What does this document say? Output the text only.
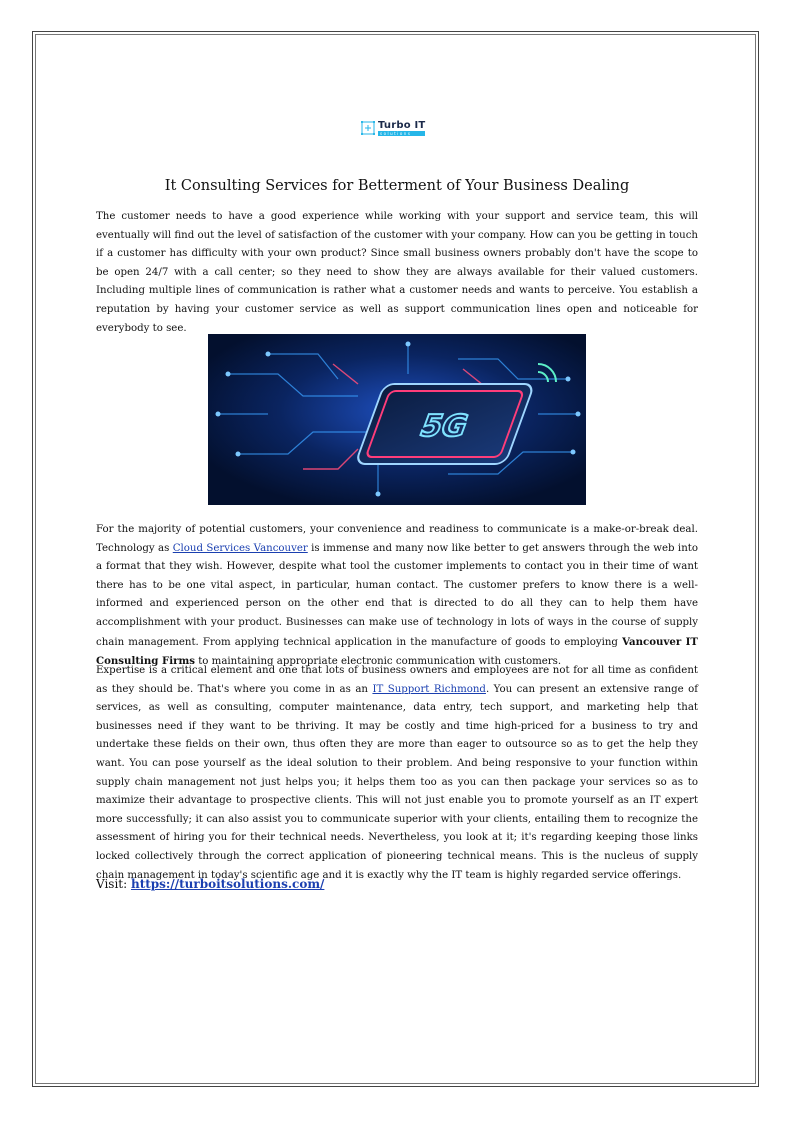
Turbo IT
solutions
It Consulting Services for Betterment of Your Business Dealing

The customer needs to have a good experience while working with your support and service team, this will eventually will find out the level of satisfaction of the customer with your company. How can you be getting in touch if a customer has difficulty with your own product? Since small business owners probably don't have the scope to be open 24/7 with a call center; so they need to show they are always available for their valued customers. Including multiple lines of communication is rather what a customer needs and wants to perceive. You establish a reputation by having your customer service as well as support communication lines open and noticeable for everybody to see.

5G

For the majority of potential customers, your convenience and readiness to communicate is a make-or-break deal. Technology as Cloud Services Vancouver is immense and many now like better to get answers through the web into a format that they wish. However, despite what tool the customer implements to contact you in their time of want there has to be one vital aspect, in particular, human contact. The customer prefers to know there is a well-informed and experienced person on the other end that is directed to do all they can to help them have accomplishment with your product. Businesses can make use of technology in lots of ways in the course of supply chain management. From applying technical application in the manufacture of goods to employing Vancouver IT Consulting Firms to maintaining appropriate electronic communication with customers.

Expertise is a critical element and one that lots of business owners and employees are not for all time as confident as they should be. That's where you come in as an IT Support Richmond. You can present an extensive range of services, as well as consulting, computer maintenance, data entry, tech support, and marketing help that businesses need if they want to be thriving. It may be costly and time high-priced for a business to try and undertake these fields on their own, thus often they are more than eager to outsource so as to get the help they want. You can pose yourself as the ideal solution to their problem. And being responsive to your function within supply chain management not just helps you; it helps them too as you can then package your services so as to maximize their advantage to prospective clients. This will not just enable you to promote yourself as an IT expert more successfully; it can also assist you to communicate superior with your clients, entailing them to recognize the assessment of hiring you for their technical needs. Nevertheless, you look at it; it's regarding keeping those links locked collectively through the correct application of pioneering technical means. This is the nucleus of supply chain management in today's scientific age and it is exactly why the IT team is highly regarded service offerings.

Visit: https://turboitsolutions.com/
